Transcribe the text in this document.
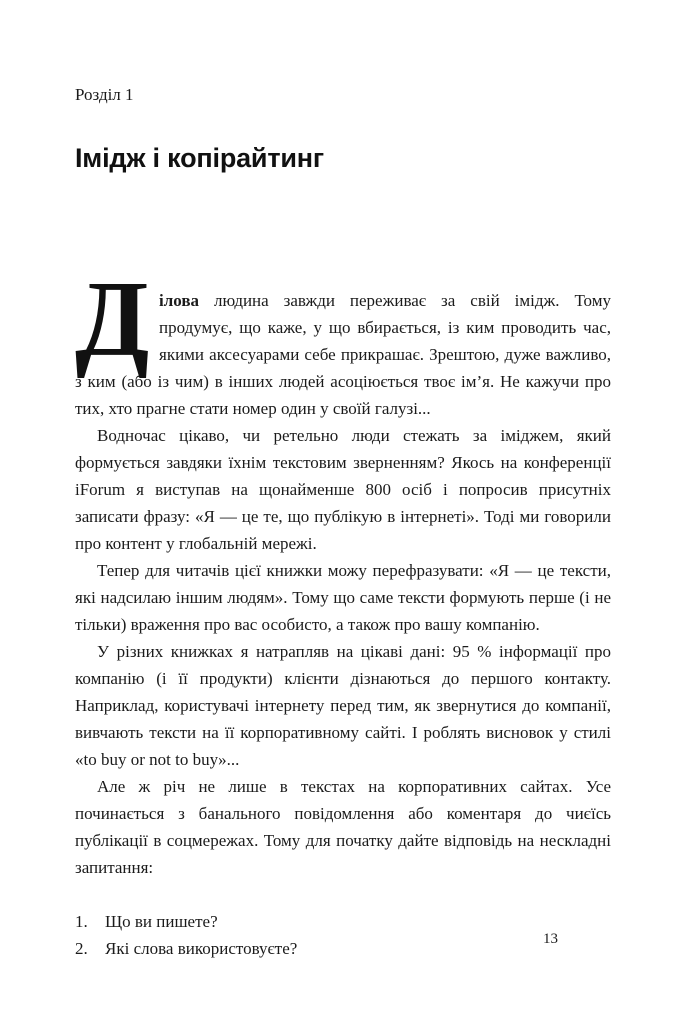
Розділ 1
Імідж і копірайтинг

Д ілова людина завжди переживає за свій імідж. Тому продумує, що каже, у що вбирається, із ким проводить час, якими аксесуарами себе прикрашає. Зрештою, дуже важливо, з ким (або із чим) в інших людей асоціюється твоє ім’я. Не кажучи про тих, хто прагне стати номер один у своїй галузі...

Водночас цікаво, чи ретельно люди стежать за іміджем, який формується завдяки їхнім текстовим зверненням? Якось на конференції iForum я виступав на щонайменше 800 осіб і попросив присутніх записати фразу: «Я — це те, що публікую в інтернеті». Тоді ми говорили про контент у глобальній мережі.

Тепер для читачів цієї книжки можу перефразувати: «Я — це тексти, які надсилаю іншим людям». Тому що саме тексти формують перше (і не тільки) враження про вас особисто, а також про вашу компанію.

У різних книжках я натрапляв на цікаві дані: 95 % інформації про компанію (і її продукти) клієнти дізнаються до першого контакту. Наприклад, користувачі інтернету перед тим, як звернутися до компанії, вивчають тексти на її корпоративному сайті. І роблять висновок у стилі «to buy or not to buy»...

Але ж річ не лише в текстах на корпоративних сайтах. Усе починається з банального повідомлення або коментаря до чиєїсь публікації в соцмережах. Тому для початку дайте відповідь на нескладні запитання:

1.	Що ви пишете?
2.	Які слова використовуєте?	13
